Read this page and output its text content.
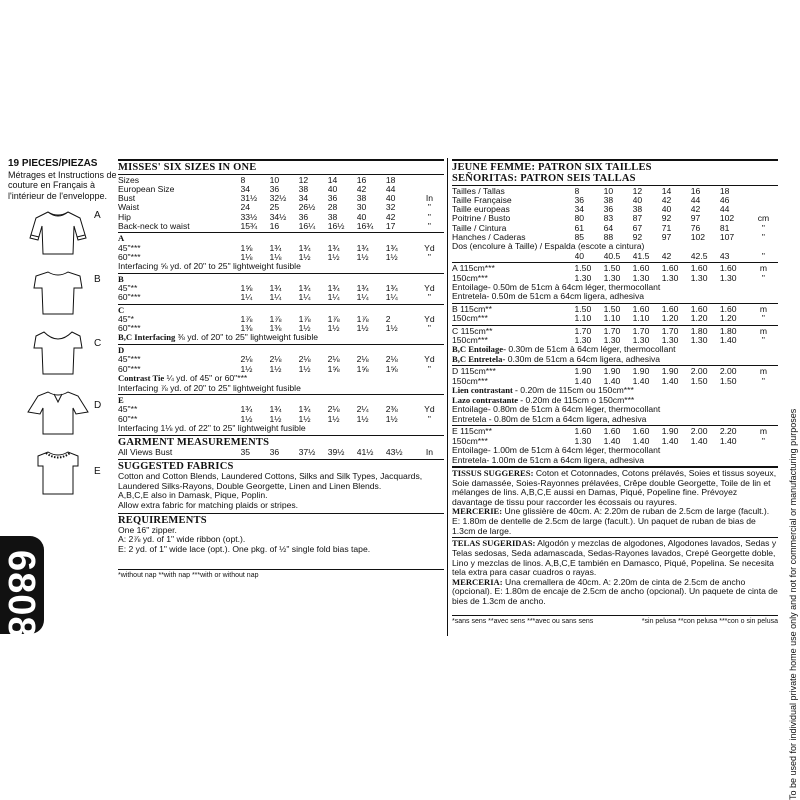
19 PIECES/PIEZAS
Métrages et Instructions de couture en Français à l'intérieur de l'enveloppe.
A
B
C
D
E
6808
MISSES' SIX SIZES IN ONE
Sizes	8	10	12	14	16	18	
European Size	34	36	38	40	42	44	
Bust	31½	32½	34	36	38	40	In
Waist	24	25	26½	28	30	32	"
Hip	33½	34½	36	38	40	42	"
Back-neck to waist	15¾	16	16¼	16½	16¾	17	"
A							
45"***	1⅝	1¾	1¾	1¾	1¾	1¾	Yd
60"***	1⅛	1⅛	1½	1½	1½	1½	"
Interfacing ⅝ yd. of 20" to 25" lightweight fusible
B							
45"**	1⅝	1¾	1¾	1¾	1¾	1¾	Yd
60"***	1¼	1¼	1¼	1¼	1¼	1¼	"
C							
45"*	1⅞	1⅞	1⅞	1⅞	1⅞	2	Yd
60"***	1⅜	1⅜	1½	1½	1½	1½	"
B,C Interfacing ⅜ yd. of 20" to 25" lightweight fusible
D							
45"***	2⅛	2⅛	2⅛	2⅛	2⅛	2⅛	Yd
60"***	1½	1½	1½	1⅝	1⅝	1⅝	"
Contrast Tie ¼ yd. of 45" or 60"***
Interfacing ⅞ yd. of 20" to 25" lightweight fusible
E							
45"**	1¾	1¾	1¾	2⅛	2¼	2⅜	Yd
60"**	1½	1½	1½	1½	1½	1½	"
Interfacing 1⅛ yd. of 22" to 25" lightweight fusible
GARMENT MEASUREMENTS
All Views Bust	35	36	37½	39½	41½	43½	In
SUGGESTED FABRICS
Cotton and Cotton Blends, Laundered Cottons, Silks and Silk Types, Jacquards,
Laundered Silks-Rayons, Double Georgette, Linen and Linen Blends.
A,B,C,E also in Damask, Pique, Poplin.
Allow extra fabric for matching plaids or stripes.
REQUIREMENTS
One 16" zipper.
A: 2⅞ yd. of 1" wide ribbon (opt.).
E: 2 yd. of 1" wide lace (opt.). One pkg. of ½" single fold bias tape.
*without nap **with nap ***with or without nap
JEUNE FEMME: PATRON SIX TAILLES
SEÑORITAS: PATRON SEIS TALLAS
Tailles / Tallas	8	10	12	14	16	18	
Taille Française	36	38	40	42	44	46	
Taille europeas	34	36	38	40	42	44	
Poitrine / Busto	80	83	87	92	97	102	cm
Taille / Cintura	61	64	67	71	76	81	"
Hanches / Caderas	85	88	92	97	102	107	"
Dos (encolure à Taille) / Espalda (escote a cintura)
	40	40.5	41.5	42	42.5	43	"
A 115cm***	1.50	1.50	1.60	1.60	1.60	1.60	m
150cm***	1.30	1.30	1.30	1.30	1.30	1.30	"
Entoilage- 0.50m de 51cm à 64cm léger, thermocollant
Entretela- 0.50m de 51cm a 64cm ligera, adhesiva
B 115cm**	1.50	1.50	1.60	1.60	1.60	1.60	m
150cm***	1.10	1.10	1.10	1.20	1.20	1.20	"
C 115cm**	1.70	1.70	1.70	1.70	1.80	1.80	m
150cm***	1.30	1.30	1.30	1.30	1.30	1.40	"
B,C Entoilage- 0.30m de 51cm à 64cm léger, thermocollant
B,C Entretela- 0.30m de 51cm a 64cm ligera, adhesiva
D 115cm***	1.90	1.90	1.90	1.90	2.00	2.00	m
150cm***	1.40	1.40	1.40	1.40	1.50	1.50	"
Lien contrastant - 0.20m de 115cm ou 150cm***
Lazo contrastante - 0.20m de 115cm o 150cm***
Entoilage- 0.80m de 51cm à 64cm léger, thermocollant
Entretela - 0.80m de 51cm a 64cm ligera, adhesiva
E 115cm**	1.60	1.60	1.60	1.90	2.00	2.20	m
150cm***	1.30	1.40	1.40	1.40	1.40	1.40	"
Entoilage- 1.00m de 51cm à 64cm léger, thermocollant
Entretela- 1.00m de 51cm a 64cm ligera, adhesiva
TISSUS SUGGERES: Coton et Cotonnades, Cotons prélavés, Soies et tissus soyeux, Soie damassée, Soies-Rayonnes prélavées, Crêpe double Georgette, Toile de lin et mélanges de lins. A,B,C,E aussi en Damas, Piqué, Popeline fine. Prévoyez davantage de tissu pour raccorder les écossais ou rayures.
MERCERIE: Une glissière de 40cm. A: 2.20m de ruban de 2.5cm de large (facult.). E: 1.80m de dentelle de 2.5cm de large (facult.). Un paquet de ruban de bias de 1.3cm de large.
TELAS SUGERIDAS: Algodón y mezclas de algodones, Algodones lavados, Sedas y Telas sedosas, Seda adamascada, Sedas-Rayones lavados, Crepé Georgette doble, Lino y mezclas de linos. A,B,C,E también en Damasco, Piqué, Popelina. Se necesita tela extra para casar cuadros o rayas.
MERCERIA: Una cremallera de 40cm. A: 2.20m de cinta de 2.5cm de ancho (opcional). E: 1.80m de encaje de 2.5cm de ancho (opcional). Un paquete de cinta de bies de 1.3cm de ancho.
*sans sens **avec sens ***avec ou sans sens	*sin pelusa **con pelusa ***con o sin pelusa To be used for individual private home use only and not for commercial or manufacturing purposes
